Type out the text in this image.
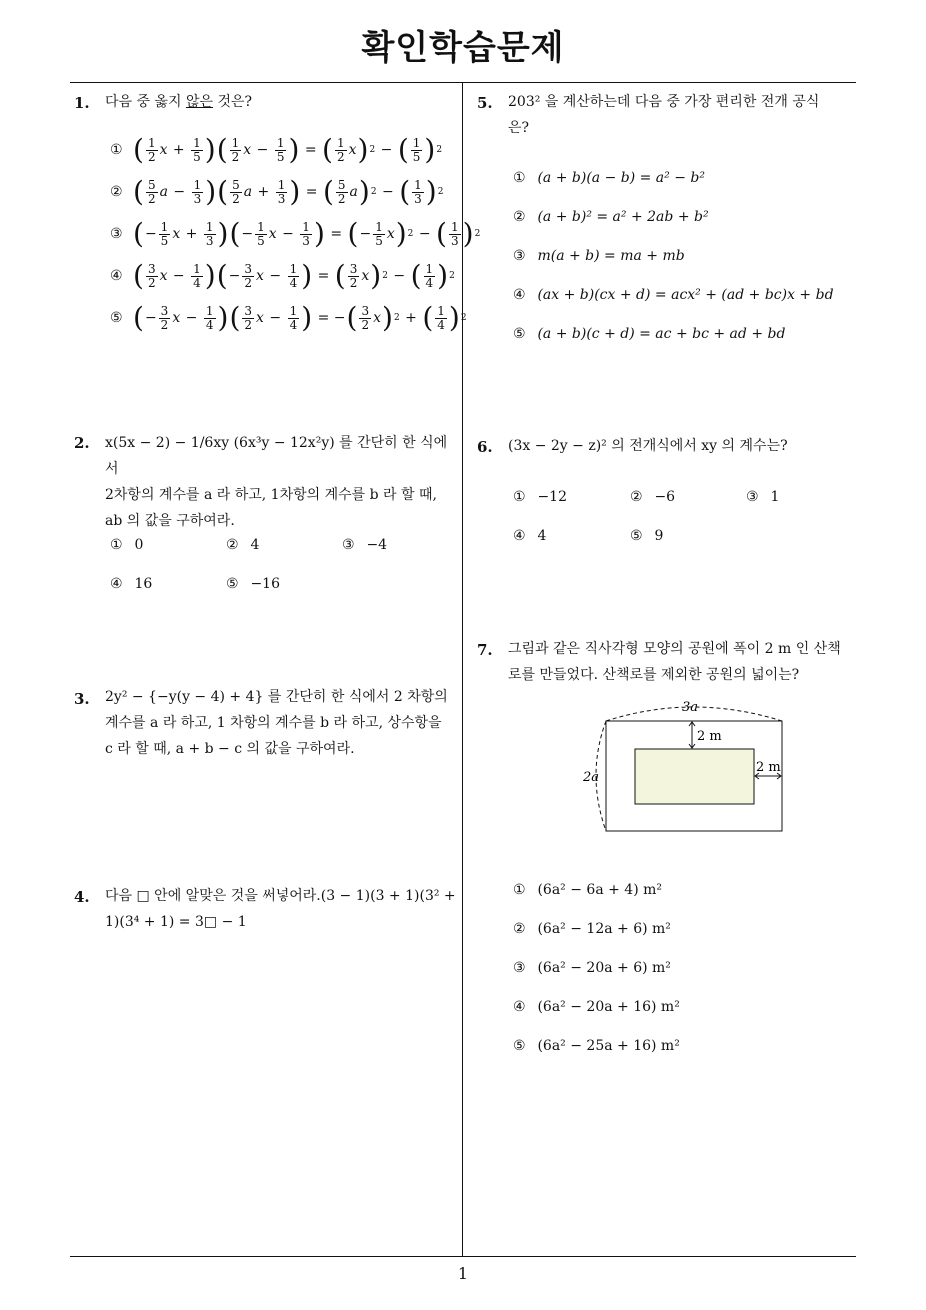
확인학습문제
1
1. 다음 중 옳지 않은 것은?
① ( $\frac{1}{2}$ $x + \frac{1}{5}$ ) ( $\frac{1}{2}$ $x - \frac{1}{5}$ ) = ( $\frac{1}{2}$ x ) 2 − ( $\frac{1}{5}$ ) 2
② ( $\frac{5}{2}$ $a - \frac{1}{3}$ ) ( $\frac{5}{2}$ $a + \frac{1}{3}$ ) = ( $\frac{5}{2}$ a ) 2 − ( $\frac{1}{3}$ ) 2
③ ( − $\frac{1}{5}$ $x + \frac{1}{3}$ ) ( − $\frac{1}{5}$ $x - \frac{1}{3}$ ) = ( − $\frac{1}{5}$ x ) 2 − ( $\frac{1}{3}$ ) 2
④ ( $\frac{3}{2}$ $x - \frac{1}{4}$ ) ( − $\frac{3}{2}$ $x - \frac{1}{4}$ ) = ( $\frac{3}{2}$ x ) 2 − ( $\frac{1}{4}$ ) 2
⑤ ( − $\frac{3}{2}$ $x - \frac{1}{4}$ ) ( $\frac{3}{2}$ $x - \frac{1}{4}$ ) = − ( $\frac{3}{2}$ x ) 2 + ( $\frac{1}{4}$ ) 2
2. x(5x − 2) − 1/6xy (6x³y − 12x²y) 를 간단히 한 식에서
2차항의 계수를 a 라 하고, 1차항의 계수를 b 라 할 때,
ab 의 값을 구하여라.
① 0	② 4	③ −4
④ 16	⑤ −16
3. 2y² − {−y(y − 4) + 4} 를 간단히 한 식에서 2 차항의
계수를 a 라 하고, 1 차항의 계수를 b 라 하고, 상수항을
c 라 할 때, a + b − c 의 값을 구하여라.
4. 다음 □ 안에 알맞은 것을 써넣어라.(3 − 1)(3 + 1)(3² +
1)(3⁴ + 1) = 3□ − 1
5. 203² 을 계산하는데 다음 중 가장 편리한 전개 공식
은?
① (a + b)(a − b) = a² − b²
② (a + b)² = a² + 2ab + b²
③ m(a + b) = ma + mb
④ (ax + b)(cx + d) = acx² + (ad + bc)x + bd
⑤ (a + b)(c + d) = ac + bc + ad + bd
6. (3x − 2y − z)² 의 전개식에서 xy 의 계수는?
① −12	② −6	③ 1
④ 4	⑤ 9
7. 그림과 같은 직사각형 모양의 공원에 폭이 2 m 인 산책
로를 만들었다. 산책로를 제외한 공원의 넓이는?
3a
2a
2 m
2 m
① (6a² − 6a + 4) m²
② (6a² − 12a + 6) m²
③ (6a² − 20a + 6) m²
④ (6a² − 20a + 16) m²
⑤ (6a² − 25a + 16) m²
